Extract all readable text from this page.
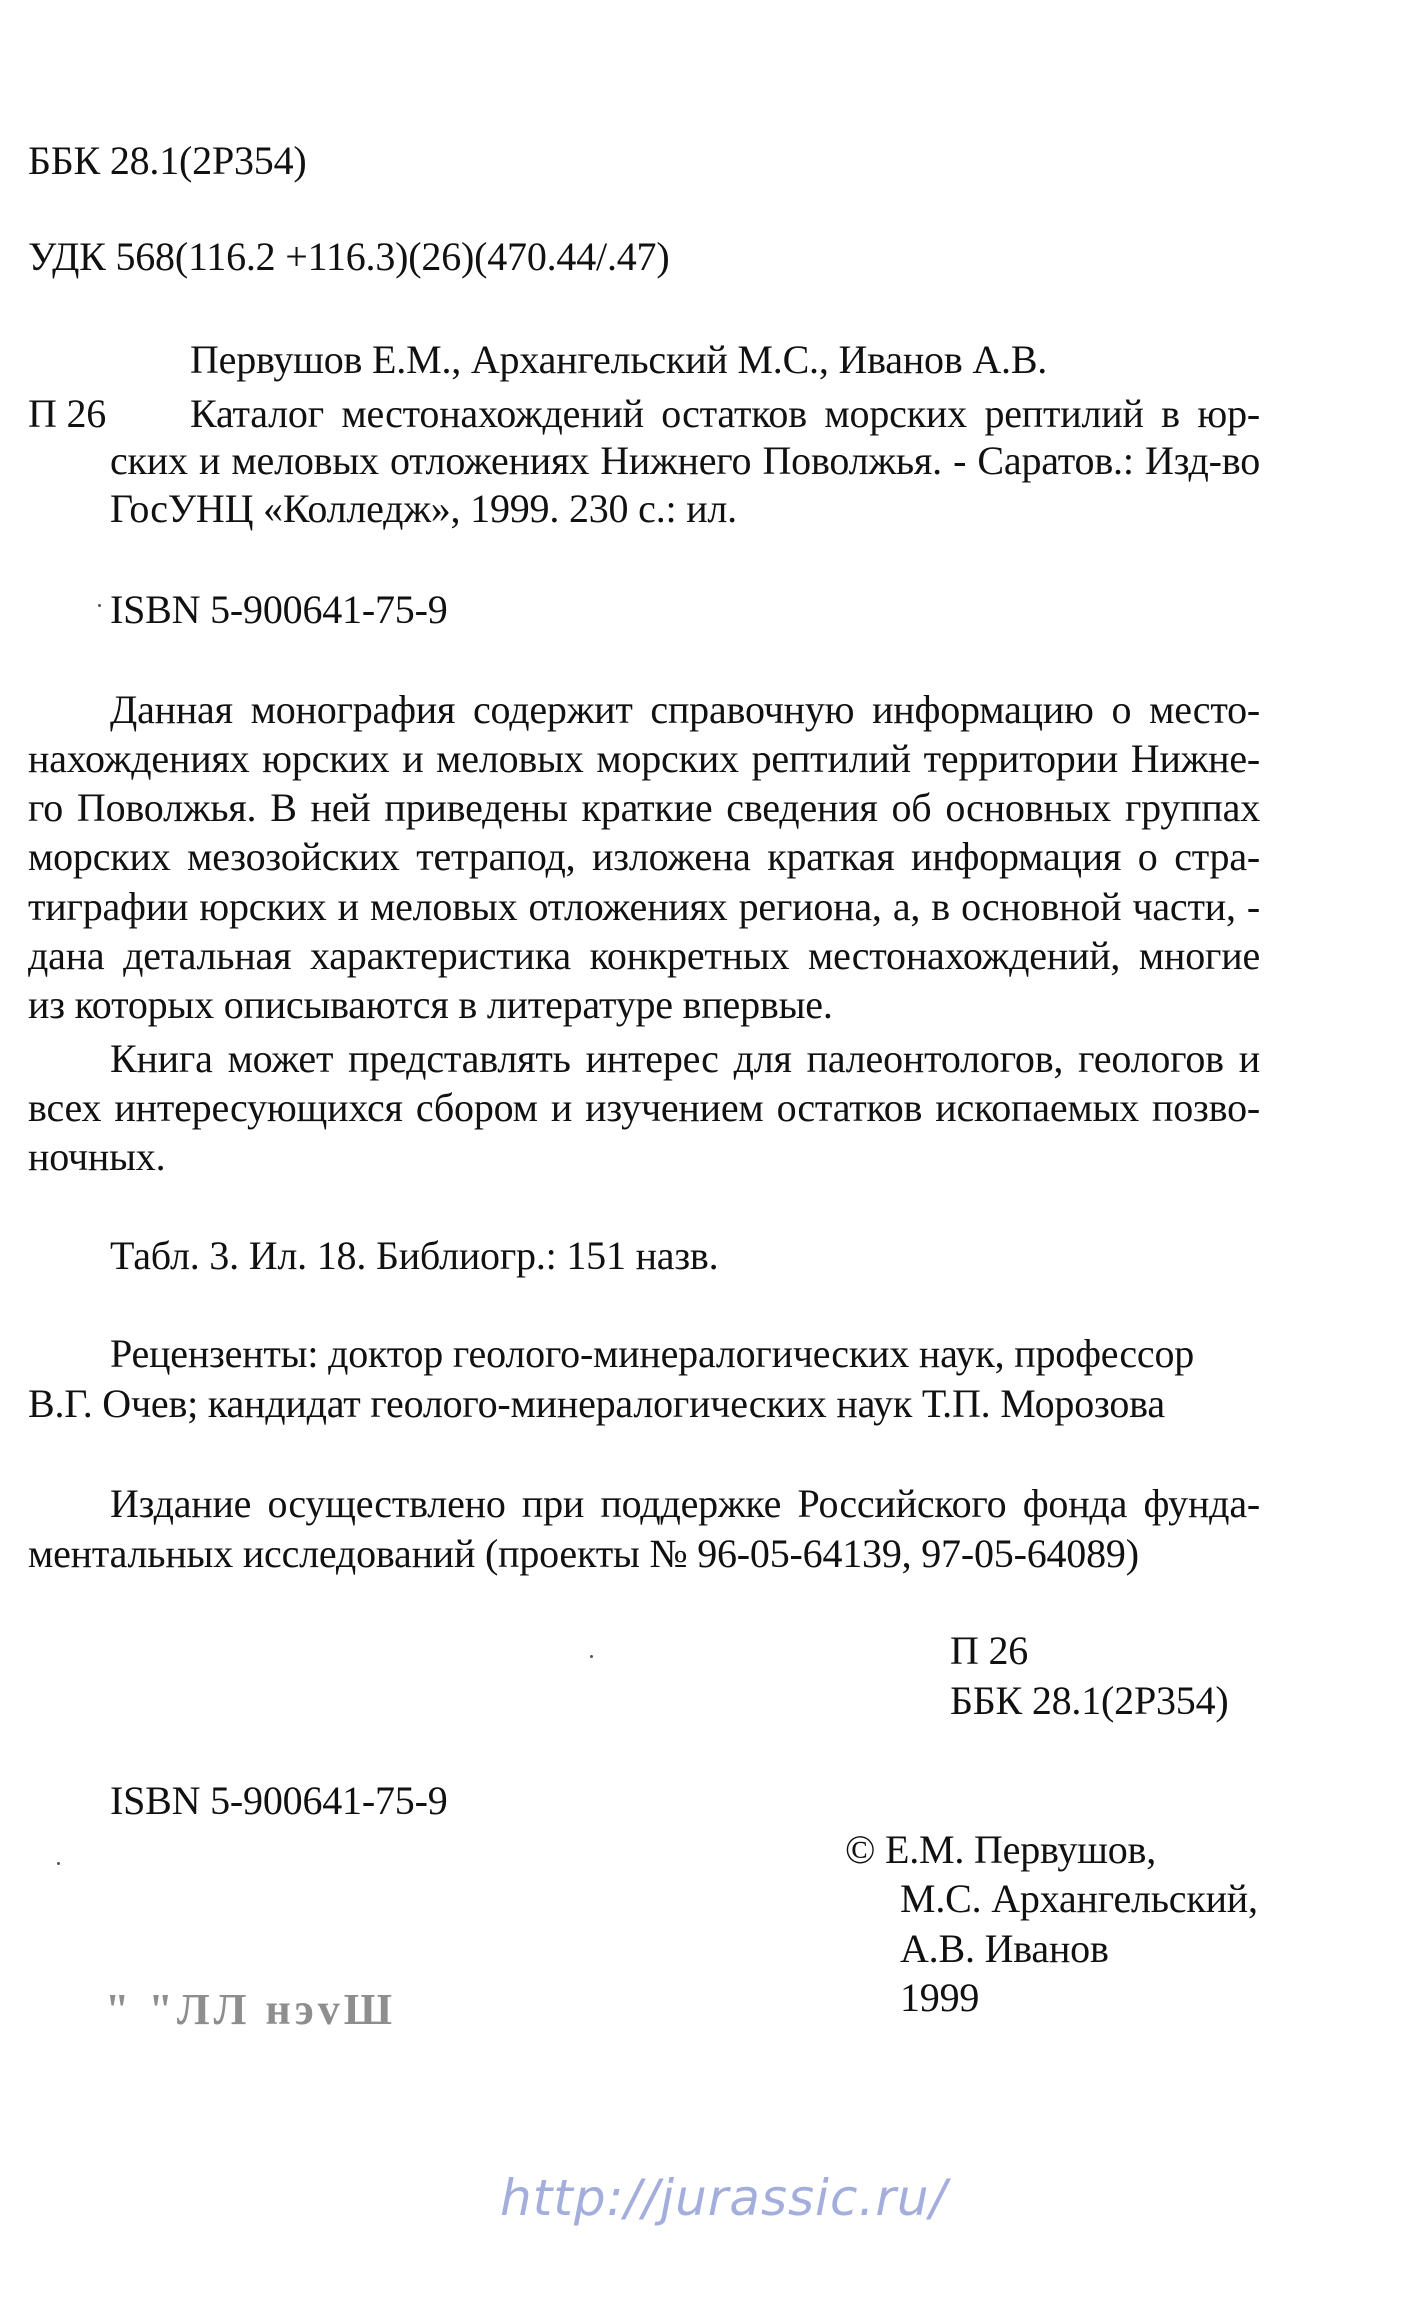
ББК 28.1(2Р354)
УДК 568(116.2 +116.3)(26)(470.44/.47)
Первушов Е.М., Архангельский М.С., Иванов А.В.
П 26 Каталог местонахождений остатков морских рептилий в юр-
ских и меловых отложениях Нижнего Поволжья. - Саратов.: Изд-во
ГосУНЦ «Колледж», 1999. 230 с.: ил.
ISBN 5-900641-75-9
Данная монография содержит справочную информацию о место-
нахождениях юрских и меловых морских рептилий территории Нижне-
го Поволжья. В ней приведены краткие сведения об основных группах
морских мезозойских тетрапод, изложена краткая информация о стра-
тиграфии юрских и меловых отложениях региона, а, в основной части, -
дана детальная характеристика конкретных местонахождений, многие
из которых описываются в литературе впервые.
Книга может представлять интерес для палеонтологов, геологов и
всех интересующихся сбором и изучением остатков ископаемых позво-
ночных.
Табл. 3. Ил. 18. Библиогр.: 151 назв.
Рецензенты: доктор геолого-минералогических наук, профессор
В.Г. Очев; кандидат геолого-минералогических наук Т.П. Морозова
Издание осуществлено при поддержке Российского фонда фунда-
ментальных исследований (проекты № 96-05-64139, 97-05-64089)
П 26
ББК 28.1(2Р354)
ISBN 5-900641-75-9
© Е.М. Первушов,
М.С. Архангельский,
А.В. Иванов
1999
" "ЛЛ нэvШ
http://jurassic.ru/
